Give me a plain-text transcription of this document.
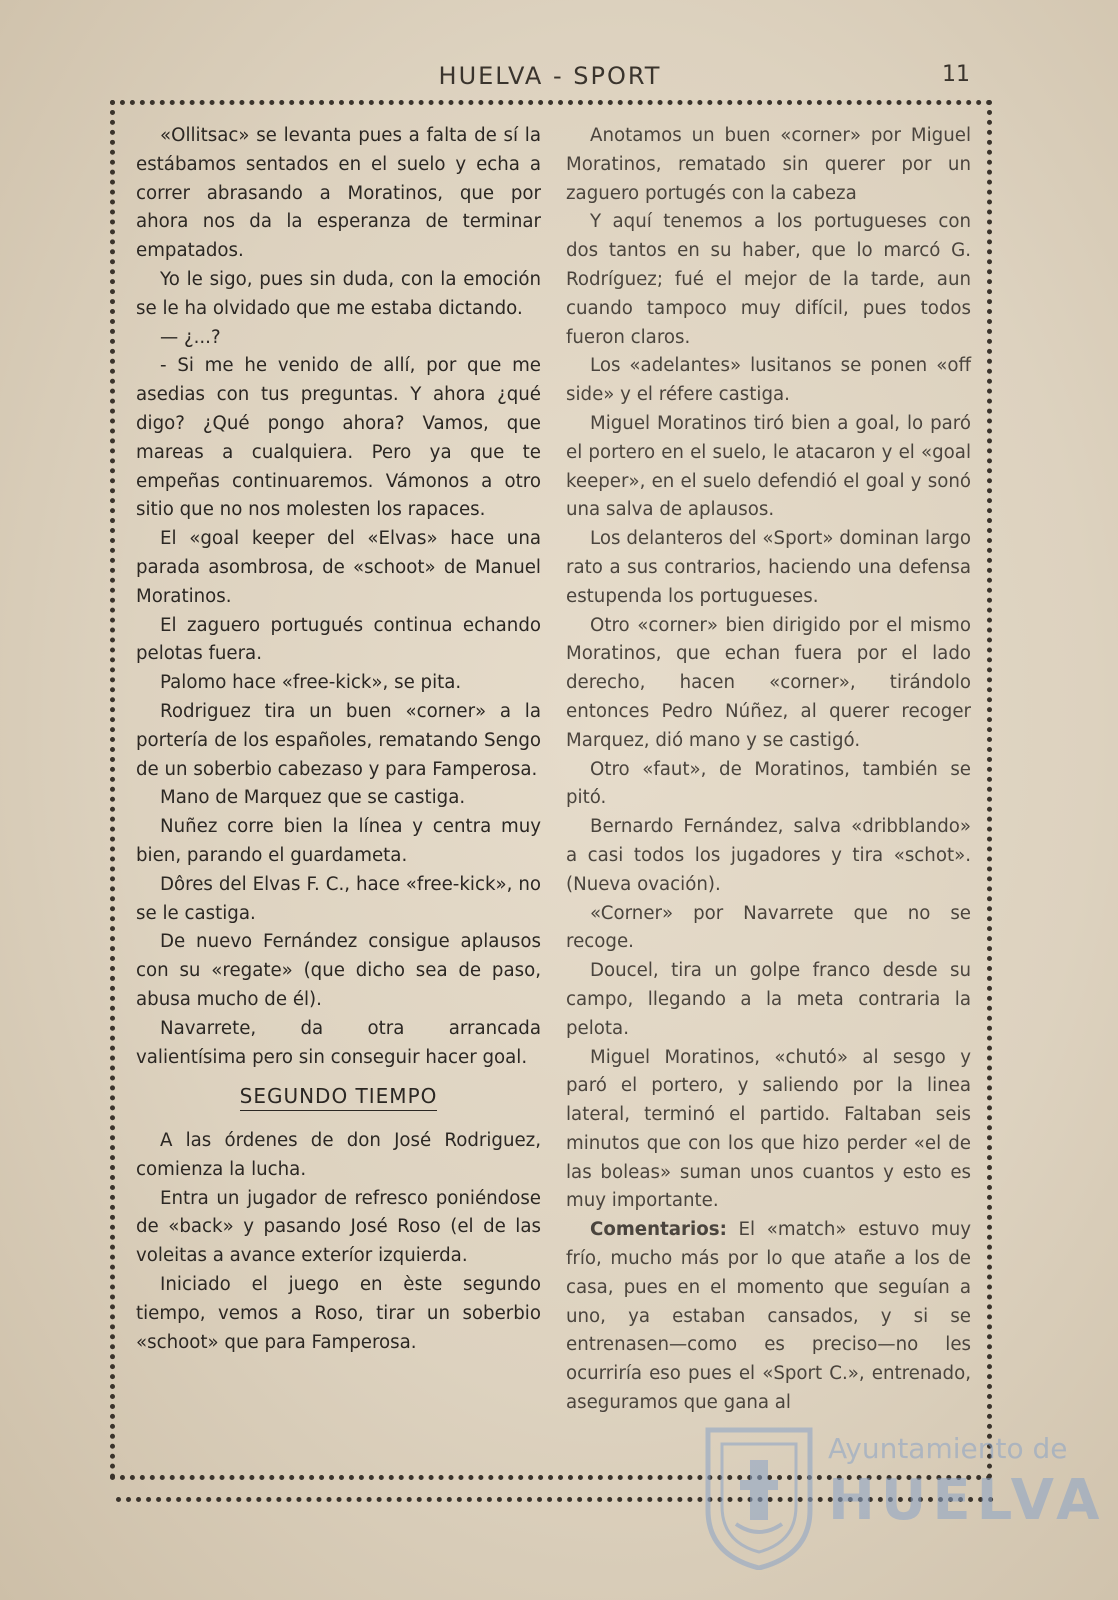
HUELVA - SPORT	11

«Ollitsac» se levanta pues a falta de sí la estábamos sentados en el suelo y echa a correr abrasando a Moratinos, que por ahora nos da la esperanza de terminar empatados.

Yo le sigo, pues sin duda, con la emoción se le ha olvidado que me estaba dictando.

— ¿...?

- Si me he venido de allí, por que me asedias con tus preguntas. Y ahora ¿qué digo? ¿Qué pongo ahora? Vamos, que mareas a cualquiera. Pero ya que te empeñas continuaremos. Vámonos a otro sitio que no nos molesten los rapaces.

El «goal keeper del «Elvas» hace una parada asombrosa, de «schoot» de Manuel Moratinos.

El zaguero portugués continua echando pelotas fuera.

Palomo hace «free-kick», se pita.

Rodriguez tira un buen «corner» a la portería de los españoles, rematando Sengo de un soberbio cabezaso y para Famperosa.

Mano de Marquez que se castiga.

Nuñez corre bien la línea y centra muy bien, parando el guardameta.

Dôres del Elvas F. C., hace «free-kick», no se le castiga.

De nuevo Fernández consigue aplausos con su «regate» (que dicho sea de paso, abusa mucho de él).

Navarrete, da otra arrancada valientísima pero sin conseguir hacer goal.

SEGUNDO TIEMPO

A las órdenes de don José Rodriguez, comienza la lucha.

Entra un jugador de refresco poniéndose de «back» y pasando José Roso (el de las voleitas a avance exteríor izquierda.

Iniciado el juego en èste segundo tiempo, vemos a Roso, tirar un soberbio «schoot» que para Famperosa.

Anotamos un buen «corner» por Miguel Moratinos, rematado sin querer por un zaguero portugés con la cabeza

Y aquí tenemos a los portugueses con dos tantos en su haber, que lo marcó G. Rodríguez; fué el mejor de la tarde, aun cuando tampoco muy difícil, pues todos fueron claros.

Los «adelantes» lusitanos se ponen «off side» y el réfere castiga.

Miguel Moratinos tiró bien a goal, lo paró el portero en el suelo, le atacaron y el «goal keeper», en el suelo defendió el goal y sonó una salva de aplausos.

Los delanteros del «Sport» dominan largo rato a sus contrarios, haciendo una defensa estupenda los portugueses.

Otro «corner» bien dirigido por el mismo Moratinos, que echan fuera por el lado derecho, hacen «corner», tirándolo entonces Pedro Núñez, al querer recoger Marquez, dió mano y se castigó.

Otro «faut», de Moratinos, también se pitó.

Bernardo Fernández, salva «dribblando» a casi todos los jugadores y tira «schot». (Nueva ovación).

«Corner» por Navarrete que no se recoge.

Doucel, tira un golpe franco desde su campo, llegando a la meta contraria la pelota.

Miguel Moratinos, «chutó» al sesgo y paró el portero, y saliendo por la linea lateral, terminó el partido. Faltaban seis minutos que con los que hizo perder «el de las boleas» suman unos cuantos y esto es muy importante.

Comentarios: El «match» estuvo muy frío, mucho más por lo que atañe a los de casa, pues en el momento que seguían a uno, ya estaban cansados, y si se entrenasen—como es preciso—no les ocurriría eso pues el «Sport C.», entrenado, aseguramos que gana al

Ayuntamiento de
HUELVA
